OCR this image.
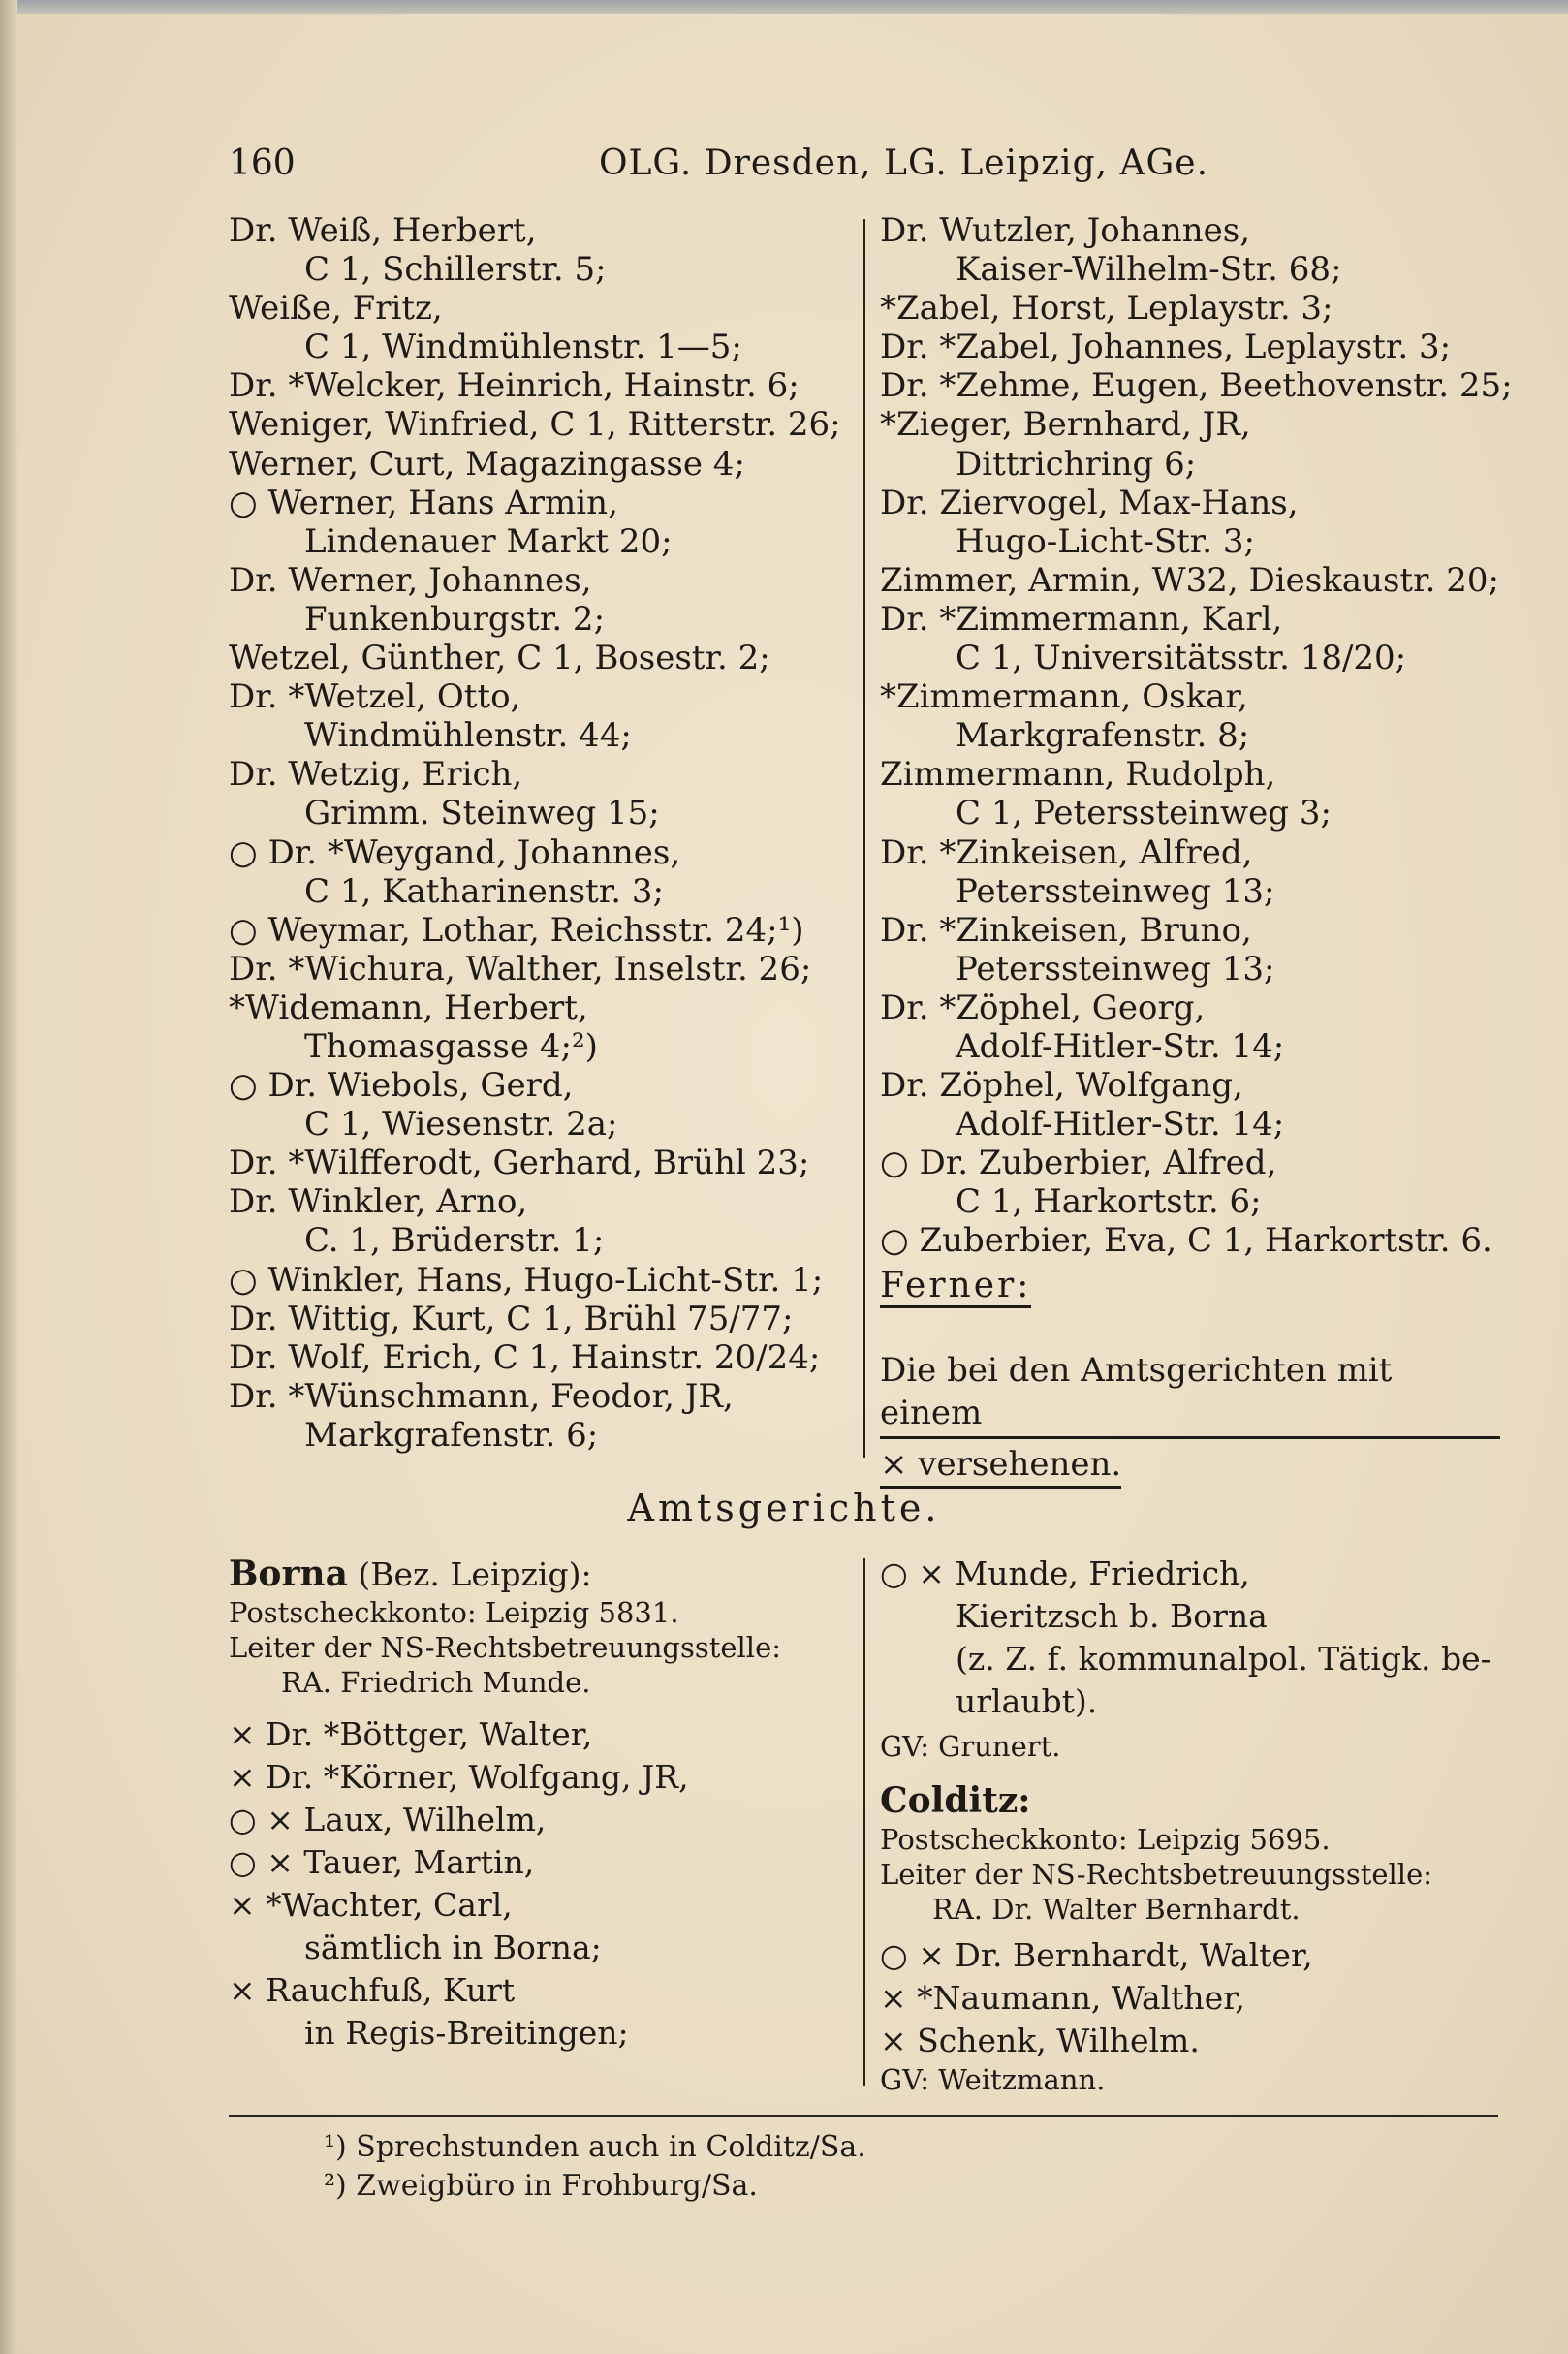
160	OLG. Dresden, LG. Leipzig, AGe.
Dr. Weiß, Herbert,
C 1, Schillerstr. 5;
Weiße, Fritz,
C 1, Windmühlenstr. 1—5;
Dr. *Welcker, Heinrich, Hainstr. 6;
Weniger, Winfried, C 1, Ritterstr. 26;
Werner, Curt, Magazingasse 4;
○ Werner, Hans Armin,
Lindenauer Markt 20;
Dr. Werner, Johannes,
Funkenburgstr. 2;
Wetzel, Günther, C 1, Bosestr. 2;
Dr. *Wetzel, Otto,
Windmühlenstr. 44;
Dr. Wetzig, Erich,
Grimm. Steinweg 15;
○ Dr. *Weygand, Johannes,
C 1, Katharinenstr. 3;
○ Weymar, Lothar, Reichsstr. 24;¹)
Dr. *Wichura, Walther, Inselstr. 26;
*Widemann, Herbert,
Thomasgasse 4;²)
○ Dr. Wiebols, Gerd,
C 1, Wiesenstr. 2a;
Dr. *Wilfferodt, Gerhard, Brühl 23;
Dr. Winkler, Arno,
C. 1, Brüderstr. 1;
○ Winkler, Hans, Hugo-Licht-Str. 1;
Dr. Wittig, Kurt, C 1, Brühl 75/77;
Dr. Wolf, Erich, C 1, Hainstr. 20/24;
Dr. *Wünschmann, Feodor, JR,
Markgrafenstr. 6;
Dr. Wutzler, Johannes,
Kaiser-Wilhelm-Str. 68;
*Zabel, Horst, Leplaystr. 3;
Dr. *Zabel, Johannes, Leplaystr. 3;
Dr. *Zehme, Eugen, Beethovenstr. 25;
*Zieger, Bernhard, JR,
Dittrichring 6;
Dr. Ziervogel, Max-Hans,
Hugo-Licht-Str. 3;
Zimmer, Armin, W32, Dieskaustr. 20;
Dr. *Zimmermann, Karl,
C 1, Universitätsstr. 18/20;
*Zimmermann, Oskar,
Markgrafenstr. 8;
Zimmermann, Rudolph,
C 1, Peterssteinweg 3;
Dr. *Zinkeisen, Alfred,
Peterssteinweg 13;
Dr. *Zinkeisen, Bruno,
Peterssteinweg 13;
Dr. *Zöphel, Georg,
Adolf-Hitler-Str. 14;
Dr. Zöphel, Wolfgang,
Adolf-Hitler-Str. 14;
○ Dr. Zuberbier, Alfred,
C 1, Harkortstr. 6;
○ Zuberbier, Eva, C 1, Harkortstr. 6.
Ferner:
Die bei den Amtsgerichten mit einem
× versehenen.
Amtsgerichte.
Borna (Bez. Leipzig):
Postscheckkonto: Leipzig 5831.
Leiter der NS-Rechtsbetreuungsstelle:
RA. Friedrich Munde.
× Dr. *Böttger, Walter,
× Dr. *Körner, Wolfgang, JR,
○ × Laux, Wilhelm,
○ × Tauer, Martin,
× *Wachter, Carl,
sämtlich in Borna;
× Rauchfuß, Kurt
in Regis-Breitingen;
○ × Munde, Friedrich,
Kieritzsch b. Borna
(z. Z. f. kommunalpol. Tätigk. be-
urlaubt).
GV: Grunert.
Colditz:
Postscheckkonto: Leipzig 5695.
Leiter der NS-Rechtsbetreuungsstelle:
RA. Dr. Walter Bernhardt.
○ × Dr. Bernhardt, Walter,
× *Naumann, Walther,
× Schenk, Wilhelm.
GV: Weitzmann.
¹) Sprechstunden auch in Colditz/Sa.
²) Zweigbüro in Frohburg/Sa.
